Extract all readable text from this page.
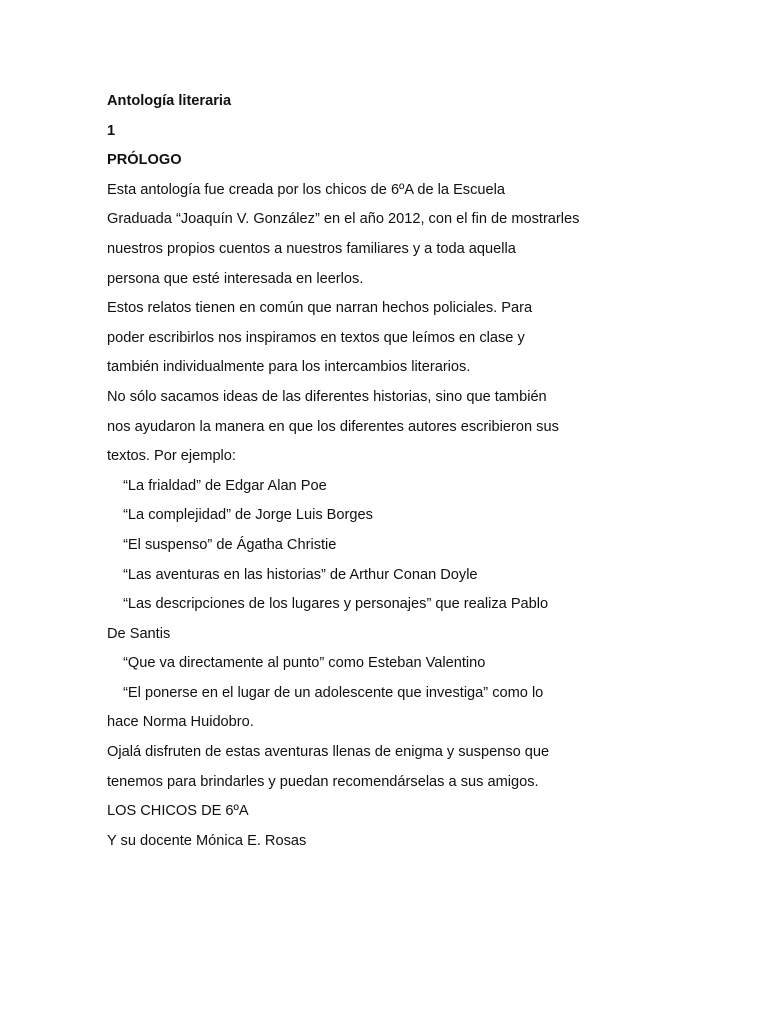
Antología literaria
1
PRÓLOGO
Esta antología fue creada por los chicos de 6ºA de la Escuela
Graduada “Joaquín V. González” en el año 2012, con el fin de mostrarles
nuestros propios cuentos a nuestros familiares y a toda aquella
persona que esté interesada en leerlos.
Estos relatos tienen en común que narran hechos policiales. Para
poder escribirlos nos inspiramos en textos que leímos en clase y
también individualmente para los intercambios literarios.
No sólo sacamos ideas de las diferentes historias, sino que también
nos ayudaron la manera en que los diferentes autores escribieron sus
textos. Por ejemplo:
“La frialdad” de Edgar Alan Poe
“La complejidad” de Jorge Luis Borges
“El suspenso” de Ágatha Christie
“Las aventuras en las historias” de Arthur Conan Doyle
“Las descripciones de los lugares y personajes” que realiza Pablo
De Santis
“Que va directamente al punto” como Esteban Valentino
“El ponerse en el lugar de un adolescente que investiga” como lo
hace Norma Huidobro.
Ojalá disfruten de estas aventuras llenas de enigma y suspenso que
tenemos para brindarles y puedan recomendárselas a sus amigos.
LOS CHICOS DE 6ºA
Y su docente Mónica E. Rosas
